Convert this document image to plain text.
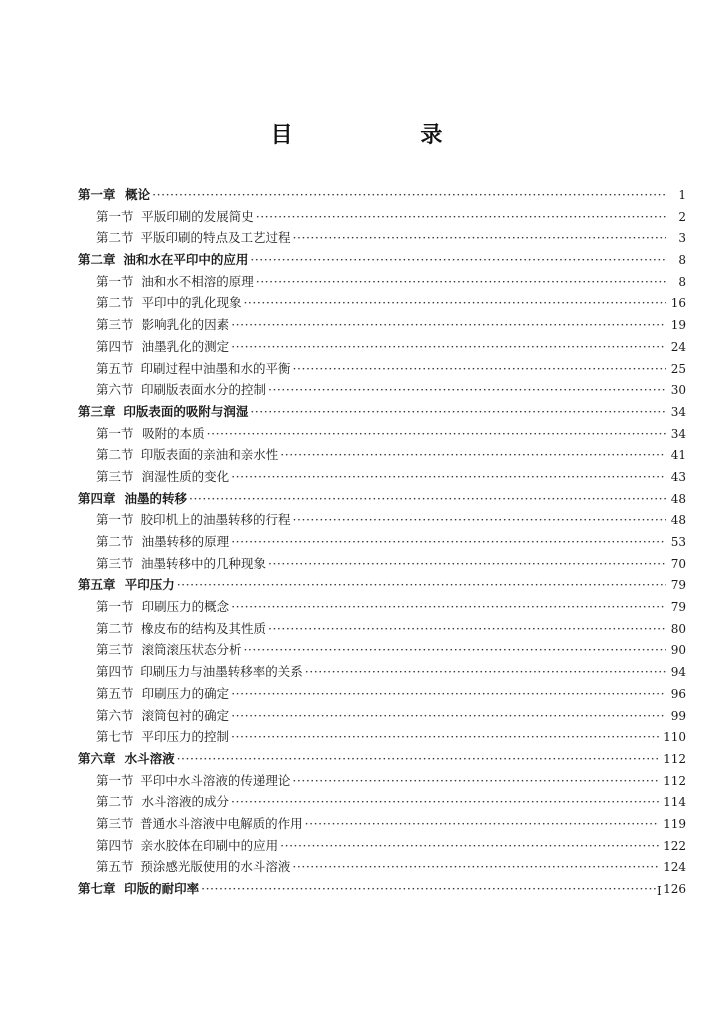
目 录
第一章 概论 ·····	1
第一节 平版印刷的发展简史 ·····	2
第二节 平版印刷的特点及工艺过程 ·····	3
第二章 油和水在平印中的应用 ·····	8
第一节 油和水不相溶的原理 ·····	8
第二节 平印中的乳化现象 ·····	16
第三节 影响乳化的因素 ·····	19
第四节 油墨乳化的测定 ·····	24
第五节 印刷过程中油墨和水的平衡 ·····	25
第六节 印刷版表面水分的控制 ·····	30
第三章 印版表面的吸附与润湿 ·····	34
第一节 吸附的本质 ·····	34
第二节 印版表面的亲油和亲水性 ·····	41
第三节 润湿性质的变化 ·····	43
第四章 油墨的转移 ·····	48
第一节 胶印机上的油墨转移的行程 ·····	48
第二节 油墨转移的原理 ·····	53
第三节 油墨转移中的几种现象 ·····	70
第五章 平印压力 ·····	79
第一节 印刷压力的概念 ·····	79
第二节 橡皮布的结构及其性质 ·····	80
第三节 滚筒滚压状态分析 ·····	90
第四节 印刷压力与油墨转移率的关系 ·····	94
第五节 印刷压力的确定 ·····	96
第六节 滚筒包衬的确定 ·····	99
第七节 平印压力的控制 ·····	110
第六章 水斗溶液 ·····	112
第一节 平印中水斗溶液的传递理论 ·····	112
第二节 水斗溶液的成分 ·····	114
第三节 普通水斗溶液中电解质的作用 ·····	119
第四节 亲水胶体在印刷中的应用 ·····	122
第五节 预涂感光版使用的水斗溶液 ·····	124
第七章 印版的耐印率 ·····	126
I
